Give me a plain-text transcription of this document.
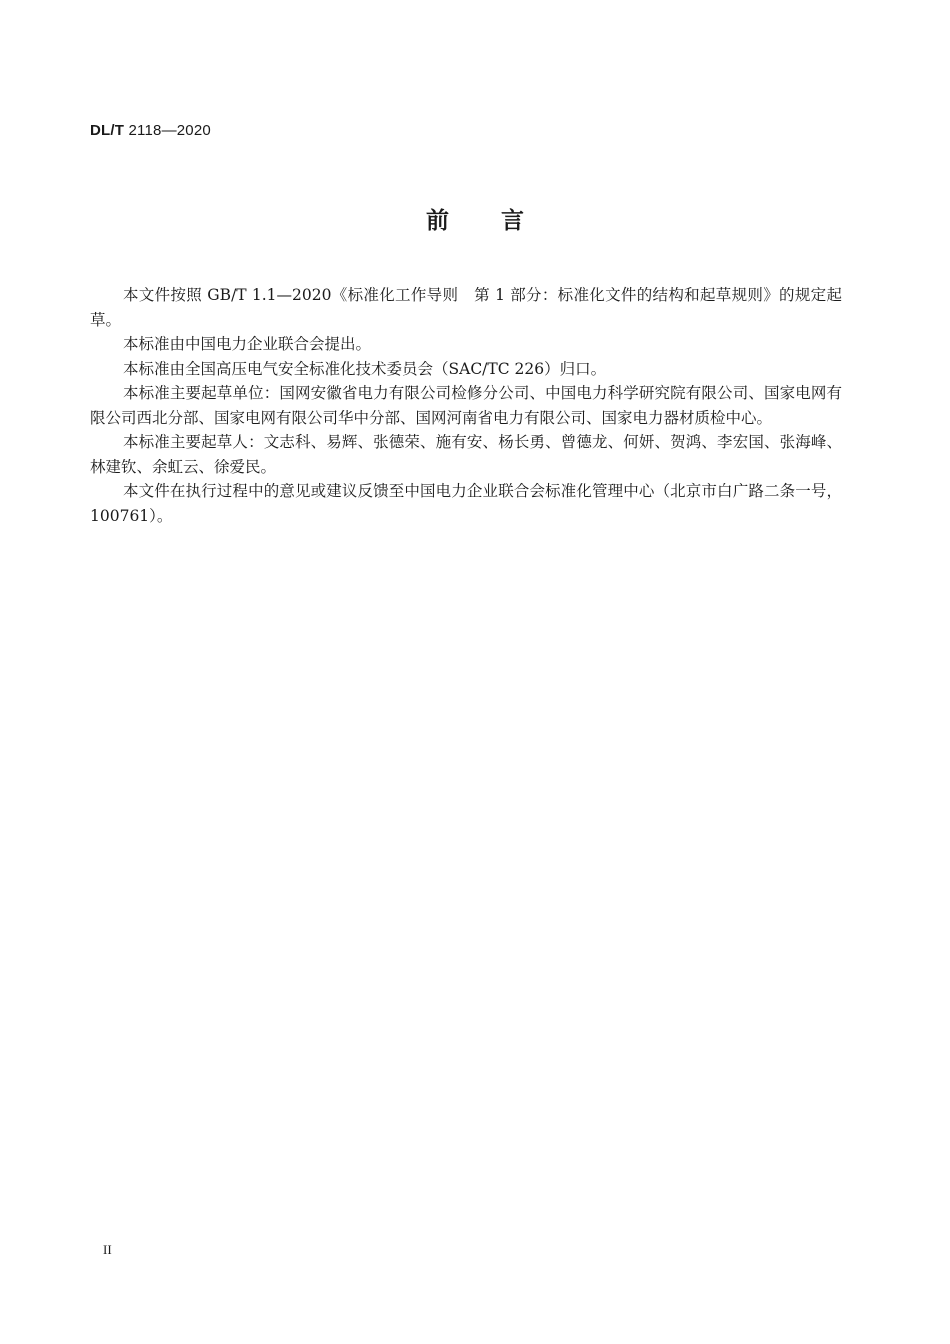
DL/T 2118—2020
前言

本文件按照 GB/T 1.1—2020《标准化工作导则　第 1 部分：标准化文件的结构和起草规则》的规定起草。

本标准由中国电力企业联合会提出。

本标准由全国高压电气安全标准化技术委员会（SAC/TC 226）归口。

本标准主要起草单位：国网安徽省电力有限公司检修分公司、中国电力科学研究院有限公司、国家电网有限公司西北分部、国家电网有限公司华中分部、国网河南省电力有限公司、国家电力器材质检中心。

本标准主要起草人：文志科、易辉、张德荣、施有安、杨长勇、曾德龙、何妍、贺鸿、李宏国、张海峰、林建钦、余虹云、徐爱民。

本文件在执行过程中的意见或建议反馈至中国电力企业联合会标准化管理中心（北京市白广路二条一号，100761）。

II
